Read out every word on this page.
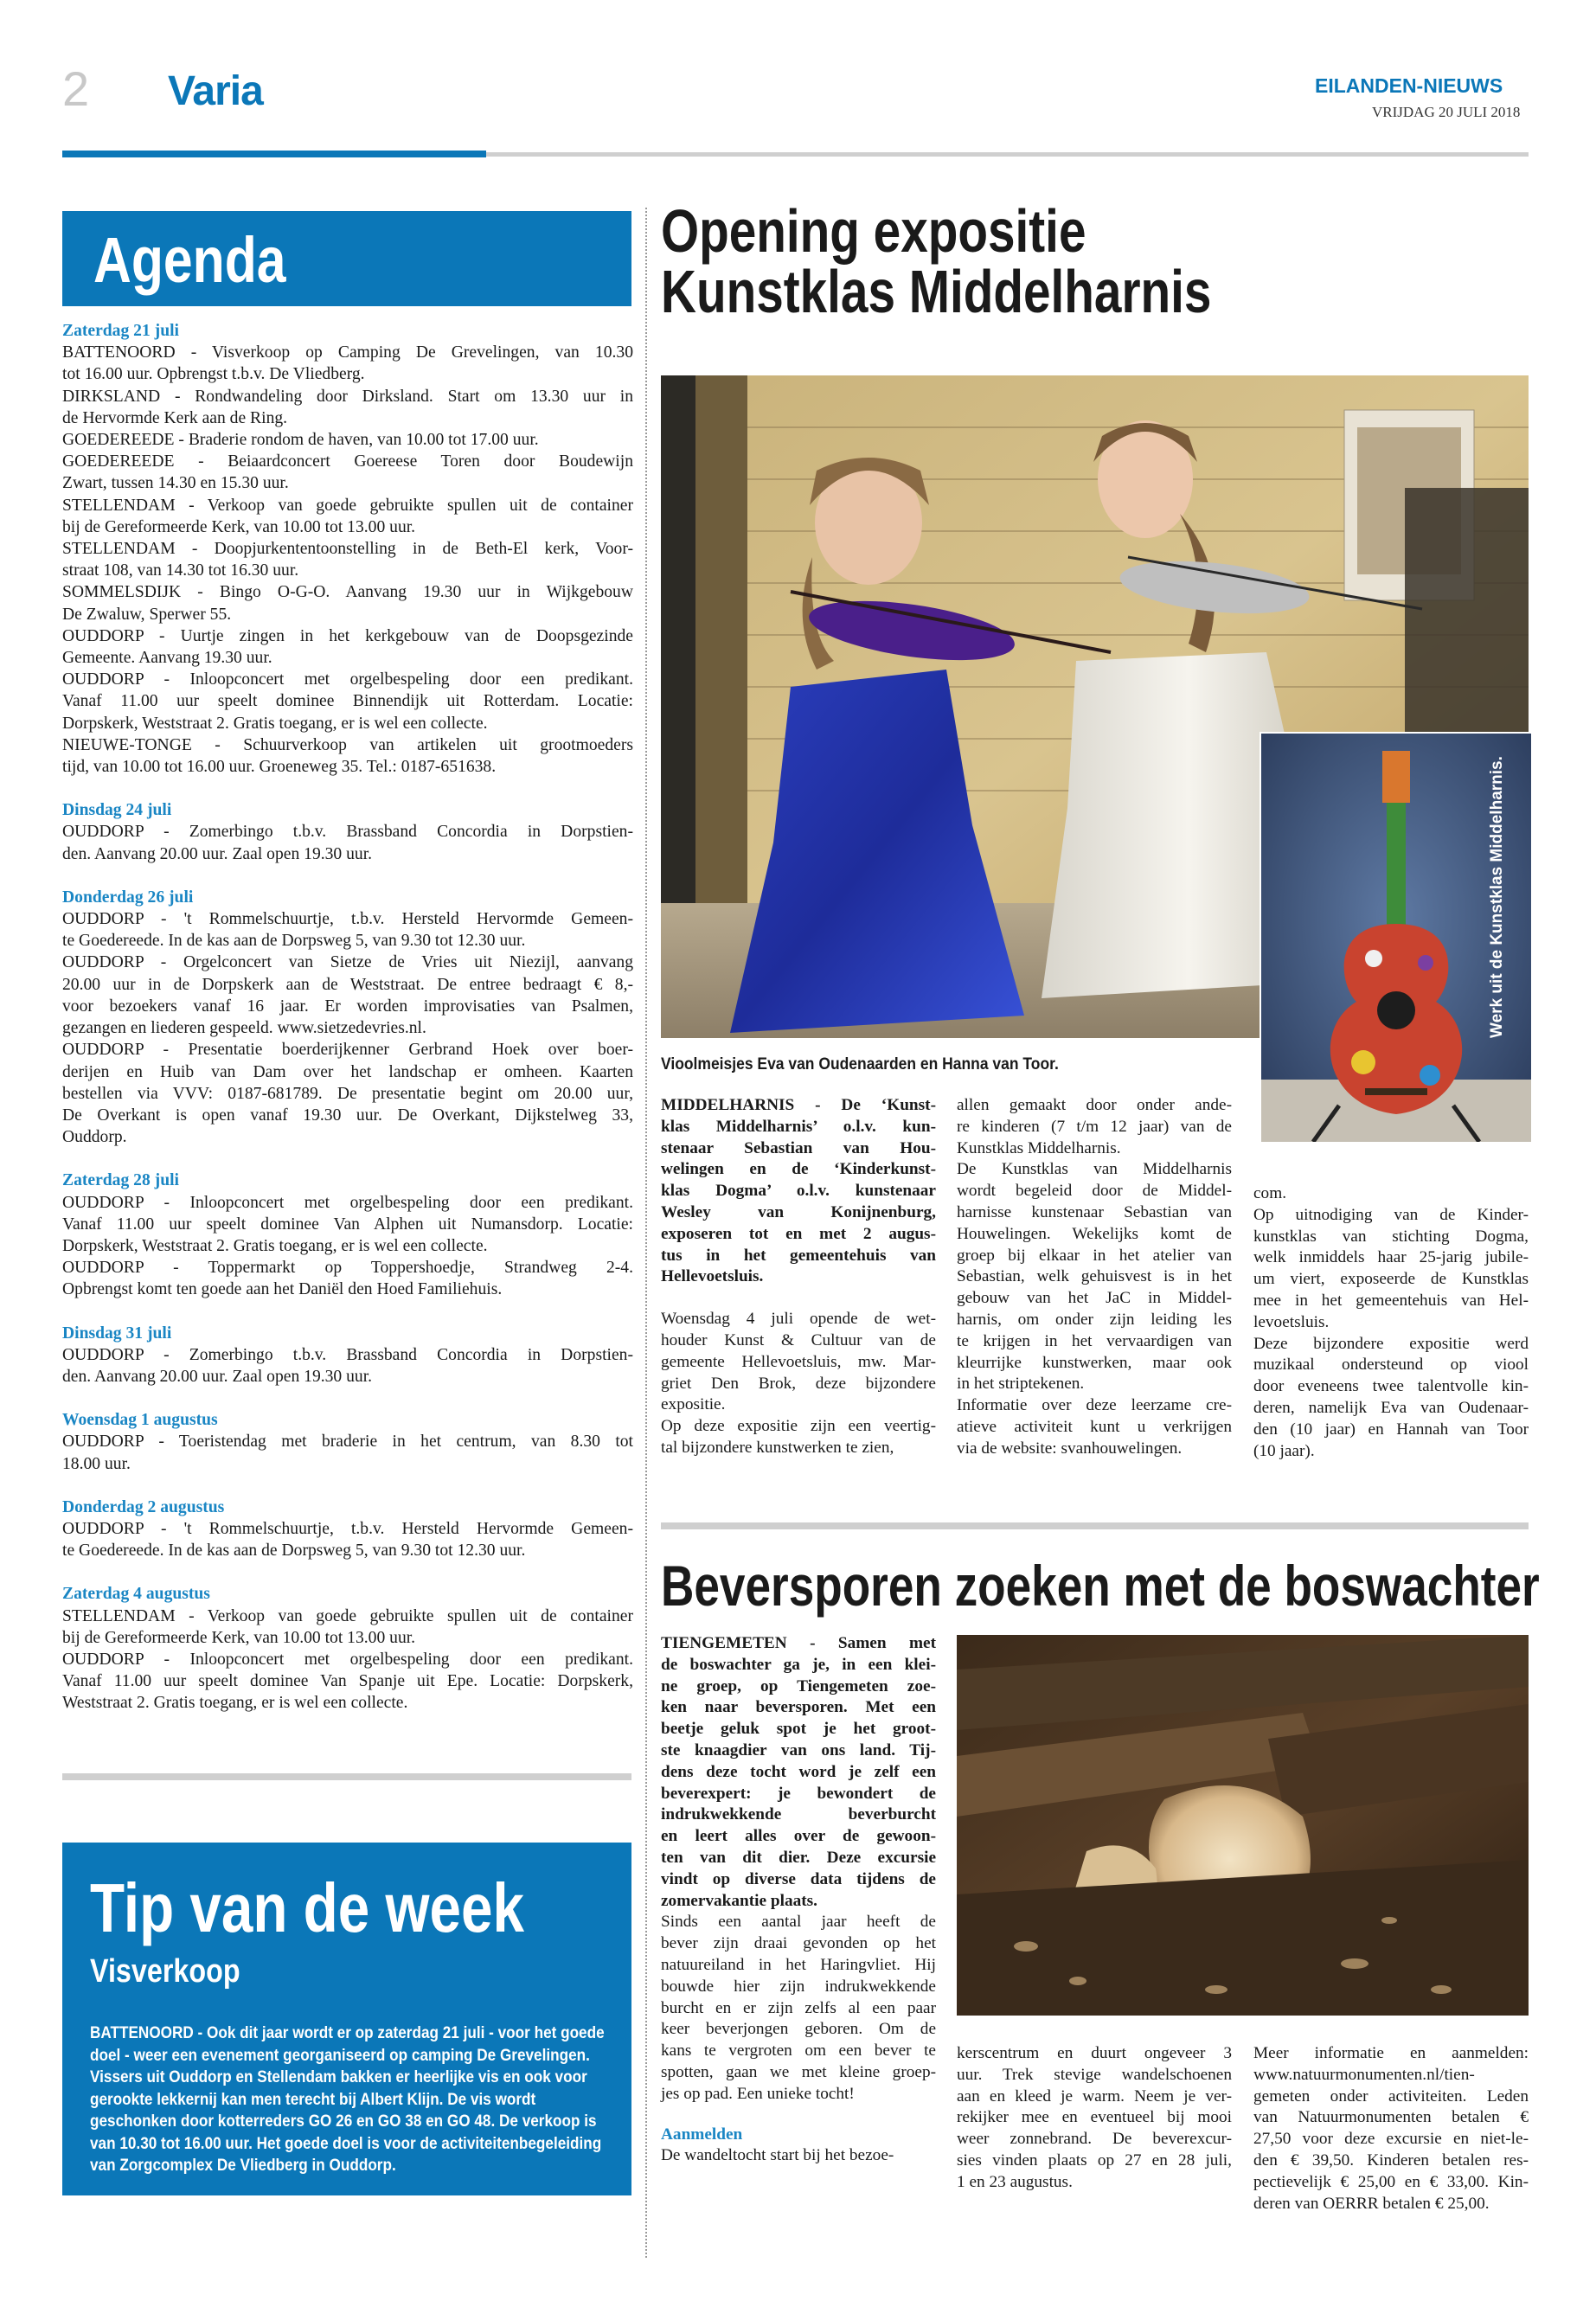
2 Varia	EILANDEN-NIEUWS
VRIJDAG 20 JULI 2018
Agenda
Zaterdag 21 juli
BATTENOORD - Visverkoop op Camping De Grevelingen, van 10.30
tot 16.00 uur. Opbrengst t.b.v. De Vliedberg.
DIRKSLAND - Rondwandeling door Dirksland. Start om 13.30 uur in
de Hervormde Kerk aan de Ring.
GOEDEREEDE - Braderie rondom de haven, van 10.00 tot 17.00 uur.
GOEDEREEDE - Beiaardconcert Goereese Toren door Boudewijn
Zwart, tussen 14.30 en 15.30 uur.
STELLENDAM - Verkoop van goede gebruikte spullen uit de container
bij de Gereformeerde Kerk, van 10.00 tot 13.00 uur.
STELLENDAM - Doopjurkententoonstelling in de Beth-El kerk, Voor-
straat 108, van 14.30 tot 16.30 uur.
SOMMELSDIJK - Bingo O-G-O. Aanvang 19.30 uur in Wijkgebouw
De Zwaluw, Sperwer 55.
OUDDORP - Uurtje zingen in het kerkgebouw van de Doopsgezinde
Gemeente. Aanvang 19.30 uur.
OUDDORP - Inloopconcert met orgelbespeling door een predikant.
Vanaf 11.00 uur speelt dominee Binnendijk uit Rotterdam. Locatie:
Dorpskerk, Weststraat 2. Gratis toegang, er is wel een collecte.
NIEUWE-TONGE - Schuurverkoop van artikelen uit grootmoeders
tijd, van 10.00 tot 16.00 uur. Groeneweg 35. Tel.: 0187-651638.
Dinsdag 24 juli
OUDDORP - Zomerbingo t.b.v. Brassband Concordia in Dorpstien-
den. Aanvang 20.00 uur. Zaal open 19.30 uur.
Donderdag 26 juli
OUDDORP - 't Rommelschuurtje, t.b.v. Hersteld Hervormde Gemeen-
te Goedereede. In de kas aan de Dorpsweg 5, van 9.30 tot 12.30 uur.
OUDDORP - Orgelconcert van Sietze de Vries uit Niezijl, aanvang
20.00 uur in de Dorpskerk aan de Weststraat. De entree bedraagt € 8,-
voor bezoekers vanaf 16 jaar. Er worden improvisaties van Psalmen,
gezangen en liederen gespeeld. www.sietzedevries.nl.
OUDDORP - Presentatie boerderijkenner Gerbrand Hoek over boer-
derijen en Huib van Dam over het landschap er omheen. Kaarten
bestellen via VVV: 0187-681789. De presentatie begint om 20.00 uur,
De Overkant is open vanaf 19.30 uur. De Overkant, Dijkstelweg 33,
Ouddorp.
Zaterdag 28 juli
OUDDORP - Inloopconcert met orgelbespeling door een predikant.
Vanaf 11.00 uur speelt dominee Van Alphen uit Numansdorp. Locatie:
Dorpskerk, Weststraat 2. Gratis toegang, er is wel een collecte.
OUDDORP - Toppermarkt op Toppershoedje, Strandweg 2-4.
Opbrengst komt ten goede aan het Daniël den Hoed Familiehuis.
Dinsdag 31 juli
OUDDORP - Zomerbingo t.b.v. Brassband Concordia in Dorpstien-
den. Aanvang 20.00 uur. Zaal open 19.30 uur.
Woensdag 1 augustus
OUDDORP - Toeristendag met braderie in het centrum, van 8.30 tot
18.00 uur.
Donderdag 2 augustus
OUDDORP - 't Rommelschuurtje, t.b.v. Hersteld Hervormde Gemeen-
te Goedereede. In de kas aan de Dorpsweg 5, van 9.30 tot 12.30 uur.
Zaterdag 4 augustus
STELLENDAM - Verkoop van goede gebruikte spullen uit de container
bij de Gereformeerde Kerk, van 10.00 tot 13.00 uur.
OUDDORP - Inloopconcert met orgelbespeling door een predikant.
Vanaf 11.00 uur speelt dominee Van Spanje uit Epe. Locatie: Dorpskerk,
Weststraat 2. Gratis toegang, er is wel een collecte.
Tip van de week
Visverkoop
BATTENOORD - Ook dit jaar wordt er op zaterdag 21 juli - voor het goede doel - weer een evenement georganiseerd op camping De Grevelingen. Vissers uit Ouddorp en Stellendam bakken er heerlijke vis en ook voor gerookte lekkernij kan men terecht bij Albert Klijn. De vis wordt geschonken door kotterreders GO 26 en GO 38 en GO 48. De verkoop is van 10.30 tot 16.00 uur. Het goede doel is voor de activiteitenbegeleiding van Zorgcomplex De Vliedberg in Ouddorp.
Opening expositie
Kunstklas Middelharnis
Vioolmeisjes Eva van Oudenaarden en Hanna van Toor.
Werk uit de Kunstklas Middelharnis.
MIDDELHARNIS - De ‘Kunst-
klas Middelharnis’ o.l.v. kun-
stenaar Sebastian van Hou-
welingen en de ‘Kinderkunst-
klas Dogma’ o.l.v. kunstenaar
Wesley van Konijnenburg,
exposeren tot en met 2 augus-
tus in het gemeentehuis van
Hellevoetsluis.
Woensdag 4 juli opende de wet-
houder Kunst & Cultuur van de
gemeente Hellevoetsluis, mw. Mar-
griet Den Brok, deze bijzondere
expositie.
Op deze expositie zijn een veertig-
tal bijzondere kunstwerken te zien,
allen gemaakt door onder ande-
re kinderen (7 t/m 12 jaar) van de
Kunstklas Middelharnis.
De Kunstklas van Middelharnis
wordt begeleid door de Middel-
harnisse kunstenaar Sebastian van
Houwelingen. Wekelijks komt de
groep bij elkaar in het atelier van
Sebastian, welk gehuisvest is in het
gebouw van het JaC in Middel-
harnis, om onder zijn leiding les
te krijgen in het vervaardigen van
kleurrijke kunstwerken, maar ook
in het striptekenen.
Informatie over deze leerzame cre-
atieve activiteit kunt u verkrijgen
via de website: svanhouwelingen.
com.
Op uitnodiging van de Kinder-
kunstklas van stichting Dogma,
welk inmiddels haar 25-jarig jubile-
um viert, exposeerde de Kunstklas
mee in het gemeentehuis van Hel-
levoetsluis.
Deze bijzondere expositie werd
muzikaal ondersteund op viool
door eveneens twee talentvolle kin-
deren, namelijk Eva van Oudenaar-
den (10 jaar) en Hannah van Toor
(10 jaar).
Beversporen zoeken met de boswachter
TIENGEMETEN - Samen met
de boswachter ga je, in een klei-
ne groep, op Tiengemeten zoe-
ken naar beversporen. Met een
beetje geluk spot je het groot-
ste knaagdier van ons land. Tij-
dens deze tocht word je zelf een
beverexpert: je bewondert de
indrukwekkende beverburcht
en leert alles over de gewoon-
ten van dit dier. Deze excursie
vindt op diverse data tijdens de
zomervakantie plaats.
Sinds een aantal jaar heeft de
bever zijn draai gevonden op het
natuureiland in het Haringvliet. Hij
bouwde hier zijn indrukwekkende
burcht en er zijn zelfs al een paar
keer beverjongen geboren. Om de
kans te vergroten om een bever te
spotten, gaan we met kleine groep-
jes op pad. Een unieke tocht!
Aanmelden
De wandeltocht start bij het bezoe-
kerscentrum en duurt ongeveer 3
uur. Trek stevige wandelschoenen
aan en kleed je warm. Neem je ver-
rekijker mee en eventueel bij mooi
weer zonnebrand. De beverexcur-
sies vinden plaats op 27 en 28 juli,
1 en 23 augustus.
Meer informatie en aanmelden:
www.natuurmonumenten.nl/tien-
gemeten onder activiteiten. Leden
van Natuurmonumenten betalen €
27,50 voor deze excursie en niet-le-
den € 39,50. Kinderen betalen res-
pectievelijk € 25,00 en € 33,00. Kin-
deren van OERRR betalen € 25,00.
